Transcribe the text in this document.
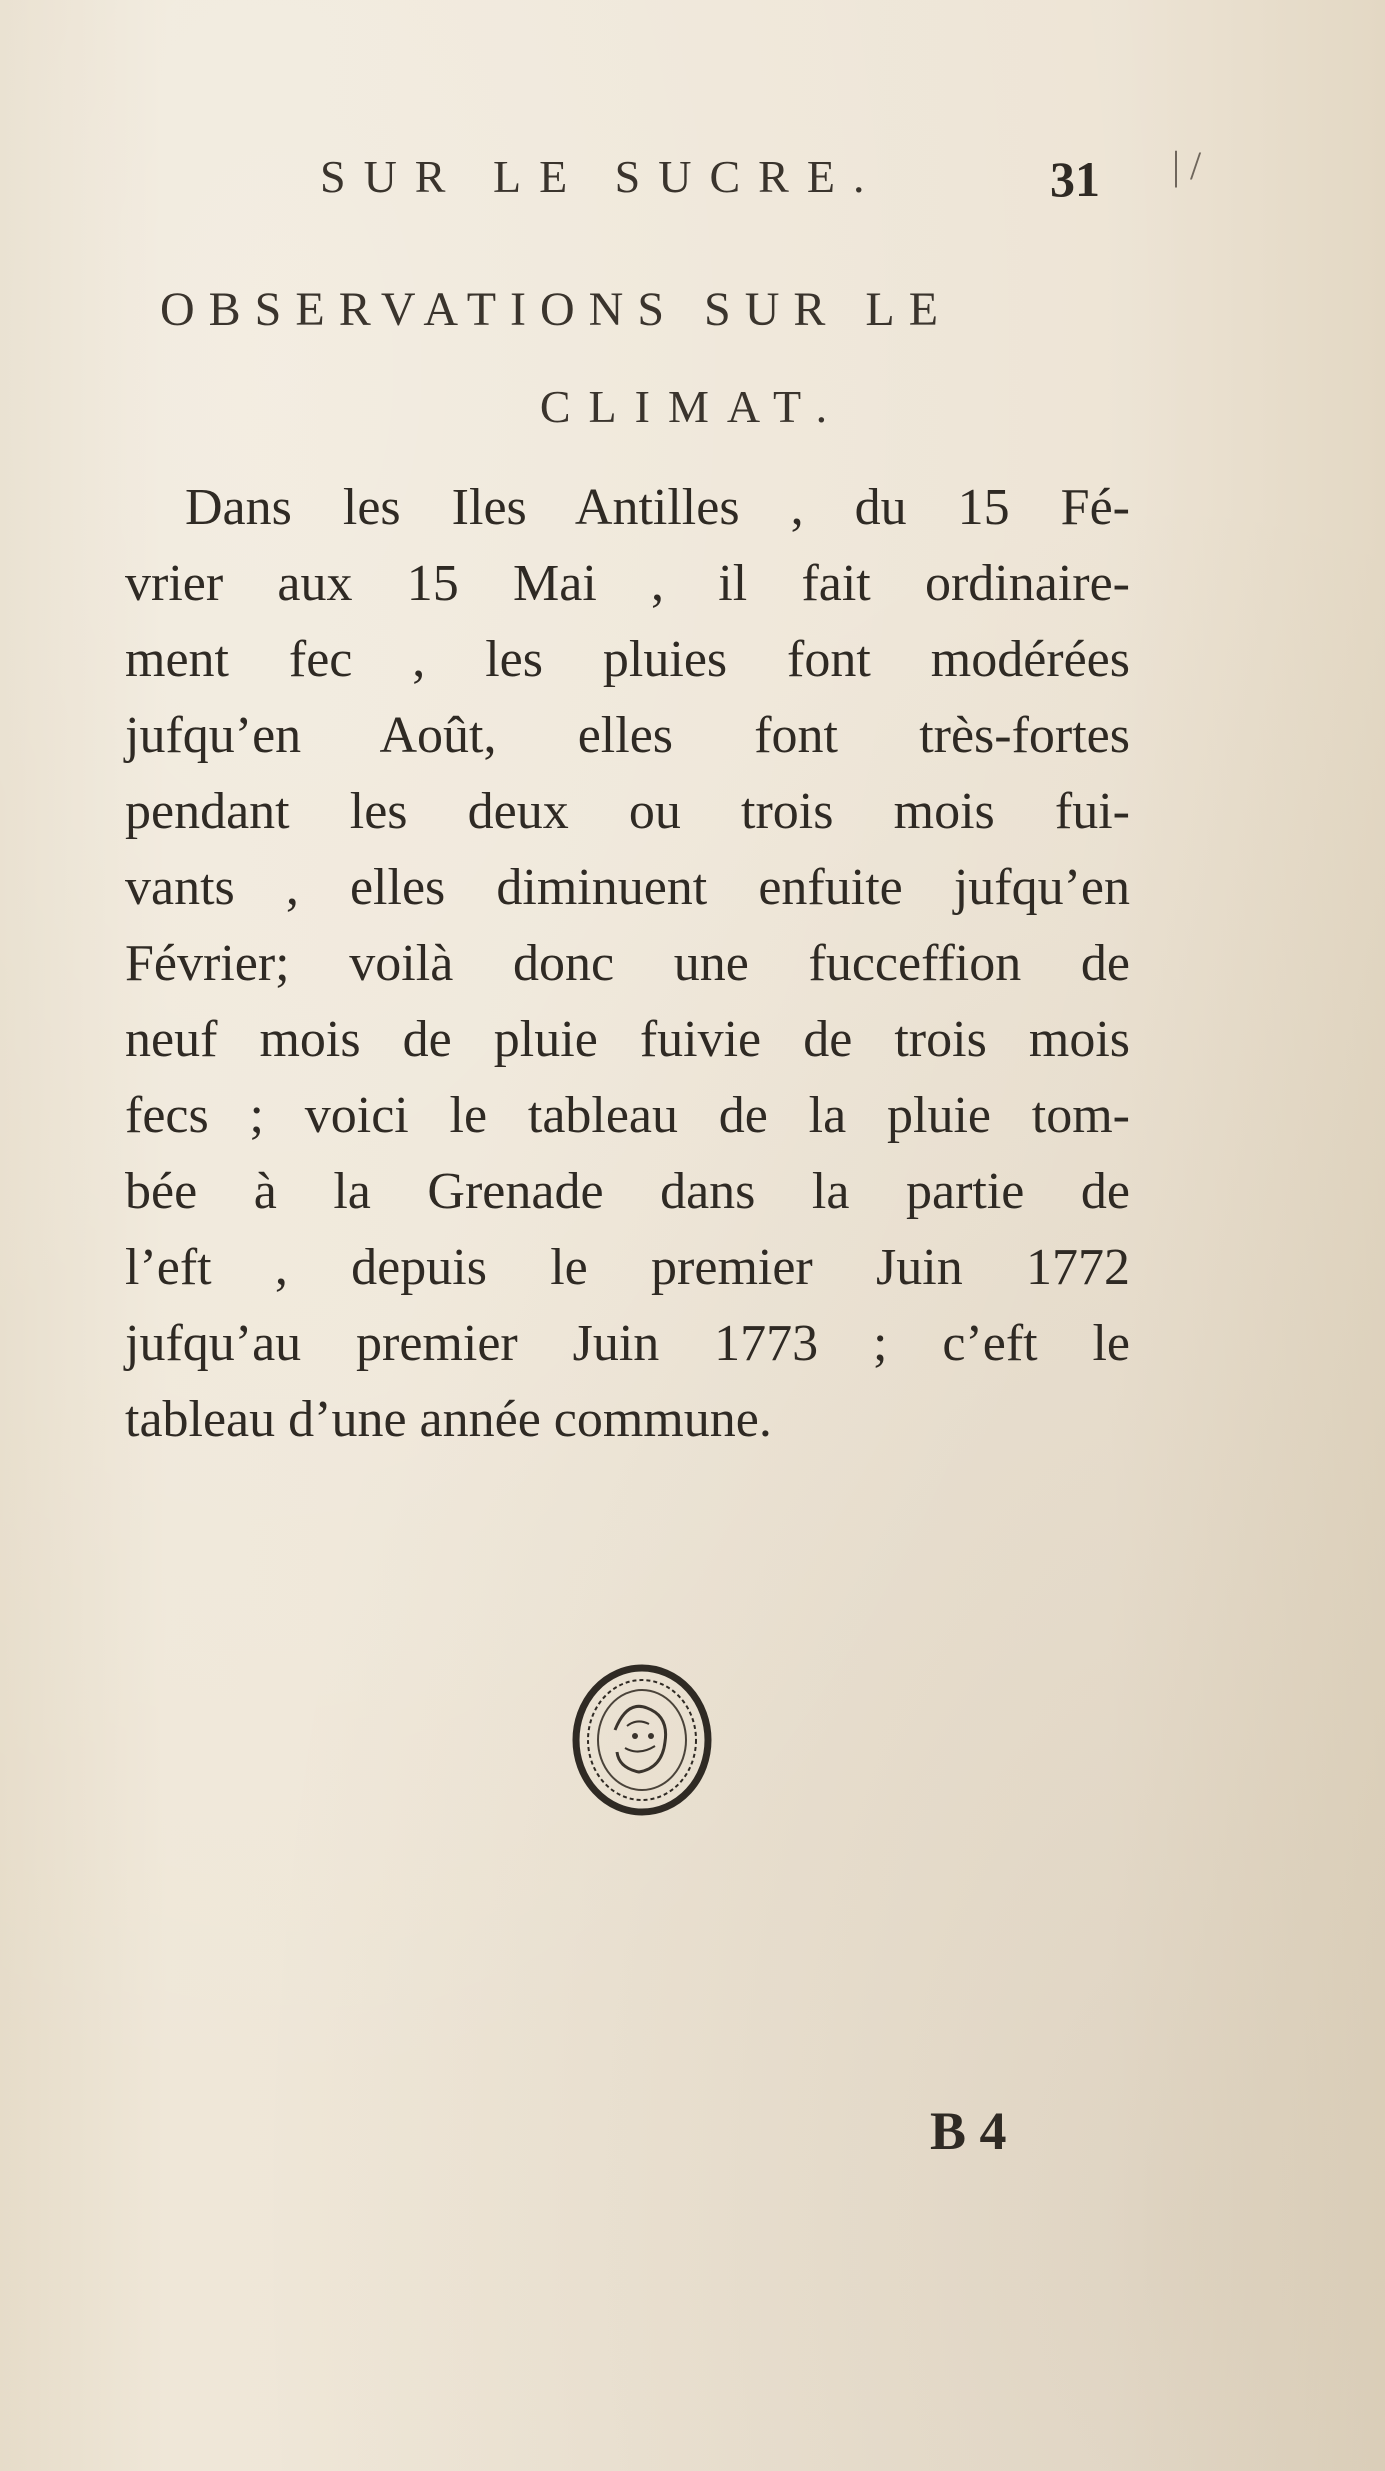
SUR LE SUCRE.	31 | /
OBSERVATIONS SUR LE
CLIMAT.
Dans les Iles Antilles , du 15 Fé-
vrier aux 15 Mai , il fait ordinaire-
ment fec , les pluies font modérées
jufqu’en Août, elles font très-fortes
pendant les deux ou trois mois fui-
vants , elles diminuent enfuite jufqu’en
Février; voilà donc une fucceffion de
neuf mois de pluie fuivie de trois mois
fecs ; voici le tableau de la pluie tom-
bée à la Grenade dans la partie de
l’eft , depuis le premier Juin 1772
jufqu’au premier Juin 1773 ; c’eft le
tableau d’une année commune.
B 4
